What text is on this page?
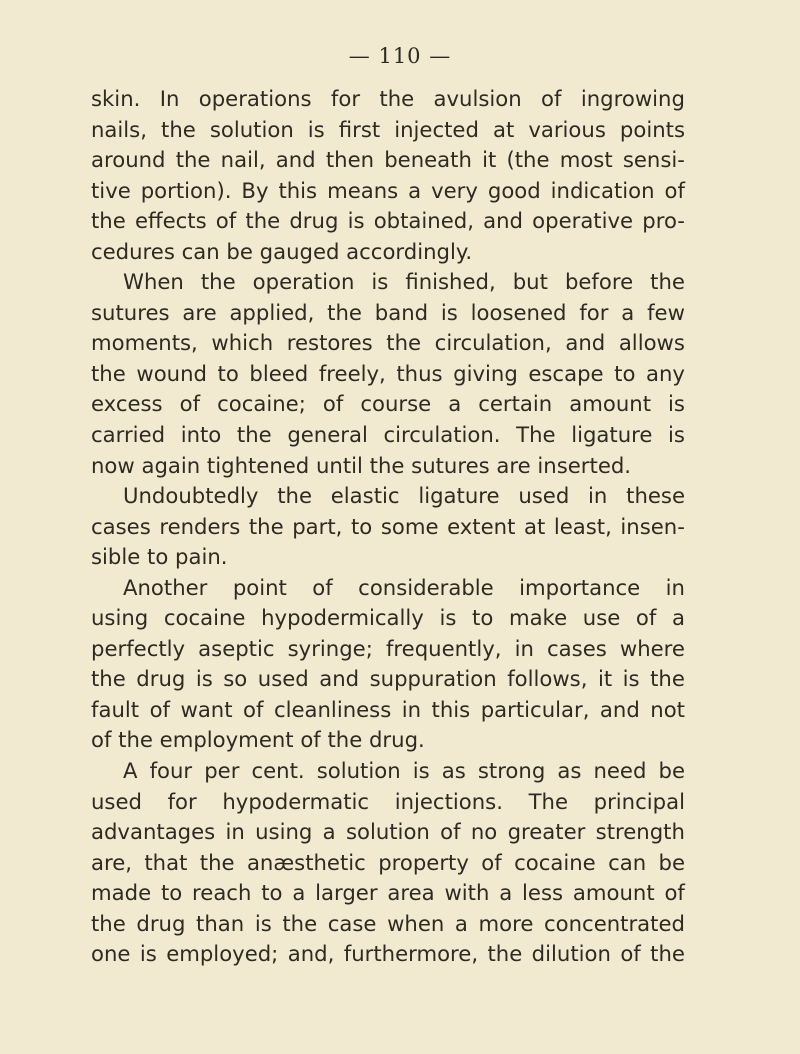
— 110 —
skin. In operations for the avulsion of ingrowing
nails, the solution is first injected at various points
around the nail, and then beneath it (the most sensi-
tive portion). By this means a very good indication of
the effects of the drug is obtained, and operative pro-
cedures can be gauged accordingly.
When the operation is finished, but before the
sutures are applied, the band is loosened for a few
moments, which restores the circulation, and allows
the wound to bleed freely, thus giving escape to any
excess of cocaine; of course a certain amount is
carried into the general circulation. The ligature is
now again tightened until the sutures are inserted.
Undoubtedly the elastic ligature used in these
cases renders the part, to some extent at least, insen-
sible to pain.
Another point of considerable importance in
using cocaine hypodermically is to make use of a
perfectly aseptic syringe; frequently, in cases where
the drug is so used and suppuration follows, it is the
fault of want of cleanliness in this particular, and not
of the employment of the drug.
A four per cent. solution is as strong as need be
used for hypodermatic injections. The principal
advantages in using a solution of no greater strength
are, that the anæsthetic property of cocaine can be
made to reach to a larger area with a less amount of
the drug than is the case when a more concentrated
one is employed; and, furthermore, the dilution of the
